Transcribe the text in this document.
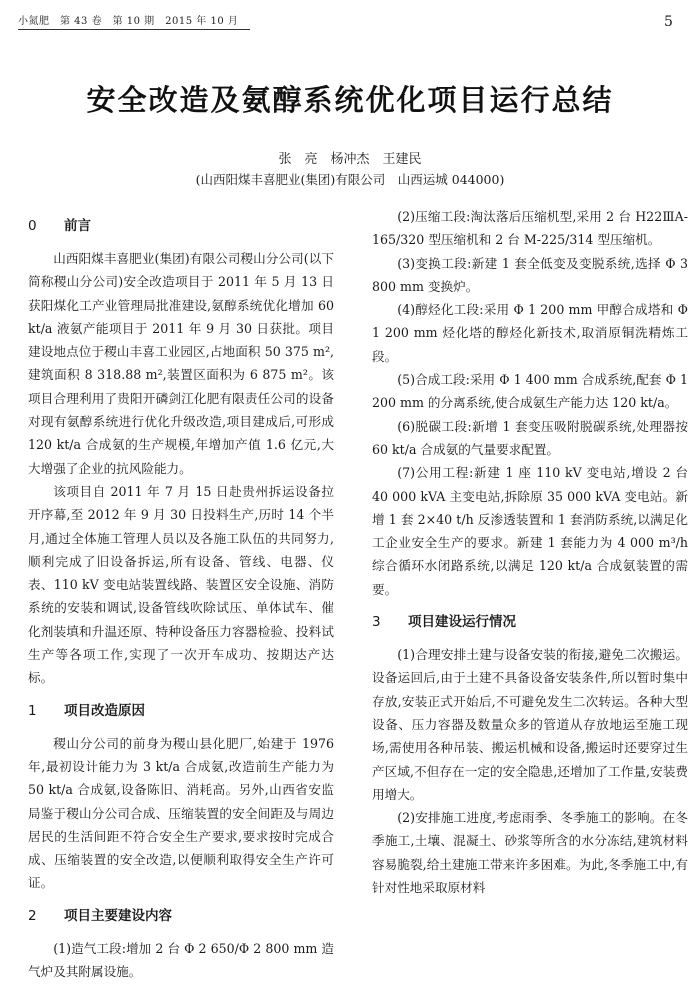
小氮肥　第 43 卷　第 10 期　2015 年 10 月	5
安全改造及氨醇系统优化项目运行总结
张　亮　杨冲杰　王建民
(山西阳煤丰喜肥业(集团)有限公司　山西运城 044000)
0 前言

山西阳煤丰喜肥业(集团)有限公司稷山分公司(以下简称稷山分公司)安全改造项目于 2011 年 5 月 13 日获阳煤化工产业管理局批准建设,氨醇系统优化增加 60 kt/a 液氨产能项目于 2011 年 9 月 30 日获批。项目建设地点位于稷山丰喜工业园区,占地面积 50 375 m²,建筑面积 8 318.88 m²,装置区面积为 6 875 m²。该项目合理利用了贵阳开磷剑江化肥有限责任公司的设备对现有氨醇系统进行优化升级改造,项目建成后,可形成 120 kt/a 合成氨的生产规模,年增加产值 1.6 亿元,大大增强了企业的抗风险能力。

该项目自 2011 年 7 月 15 日赴贵州拆运设备拉开序幕,至 2012 年 9 月 30 日投料生产,历时 14 个半月,通过全体施工管理人员以及各施工队伍的共同努力,顺利完成了旧设备拆运,所有设备、管线、电器、仪表、110 kV 变电站装置线路、装置区安全设施、消防系统的安装和调试,设备管线吹除试压、单体试车、催化剂装填和升温还原、特种设备压力容器检验、投料试生产等各项工作,实现了一次开车成功、按期达产达标。

1 项目改造原因

稷山分公司的前身为稷山县化肥厂,始建于 1976 年,最初设计能力为 3 kt/a 合成氨,改造前生产能力为 50 kt/a 合成氨,设备陈旧、消耗高。另外,山西省安监局鉴于稷山分公司合成、压缩装置的安全间距及与周边居民的生活间距不符合安全生产要求,要求按时完成合成、压缩装置的安全改造,以便顺利取得安全生产许可证。

2 项目主要建设内容

(1)造气工段:增加 2 台 Φ 2 650/Φ 2 800 mm 造气炉及其附属设施。

(2)压缩工段:淘汰落后压缩机型,采用 2 台 H22ⅢA-165/320 型压缩机和 2 台 M-225/314 型压缩机。

(3)变换工段:新建 1 套全低变及变脱系统,选择 Φ 3 800 mm 变换炉。

(4)醇烃化工段:采用 Φ 1 200 mm 甲醇合成塔和 Φ 1 200 mm 烃化塔的醇烃化新技术,取消原铜洗精炼工段。

(5)合成工段:采用 Φ 1 400 mm 合成系统,配套 Φ 1 200 mm 的分离系统,使合成氨生产能力达 120 kt/a。

(6)脱碳工段:新增 1 套变压吸附脱碳系统,处理器按 60 kt/a 合成氨的气量要求配置。

(7)公用工程:新建 1 座 110 kV 变电站,增设 2 台 40 000 kVA 主变电站,拆除原 35 000 kVA 变电站。新增 1 套 2×40 t/h 反渗透装置和 1 套消防系统,以满足化工企业安全生产的要求。新建 1 套能力为 4 000 m³/h 综合循环水闭路系统,以满足 120 kt/a 合成氨装置的需要。

3 项目建设运行情况

(1)合理安排土建与设备安装的衔接,避免二次搬运。设备运回后,由于土建不具备设备安装条件,所以暂时集中存放,安装正式开始后,不可避免发生二次转运。各种大型设备、压力容器及数量众多的管道从存放地运至施工现场,需使用各种吊装、搬运机械和设备,搬运时还要穿过生产区域,不但存在一定的安全隐患,还增加了工作量,安装费用增大。

(2)安排施工进度,考虑雨季、冬季施工的影响。在冬季施工,土壤、混凝土、砂浆等所含的水分冻结,建筑材料容易脆裂,给土建施工带来许多困难。为此,冬季施工中,有针对性地采取原材料
